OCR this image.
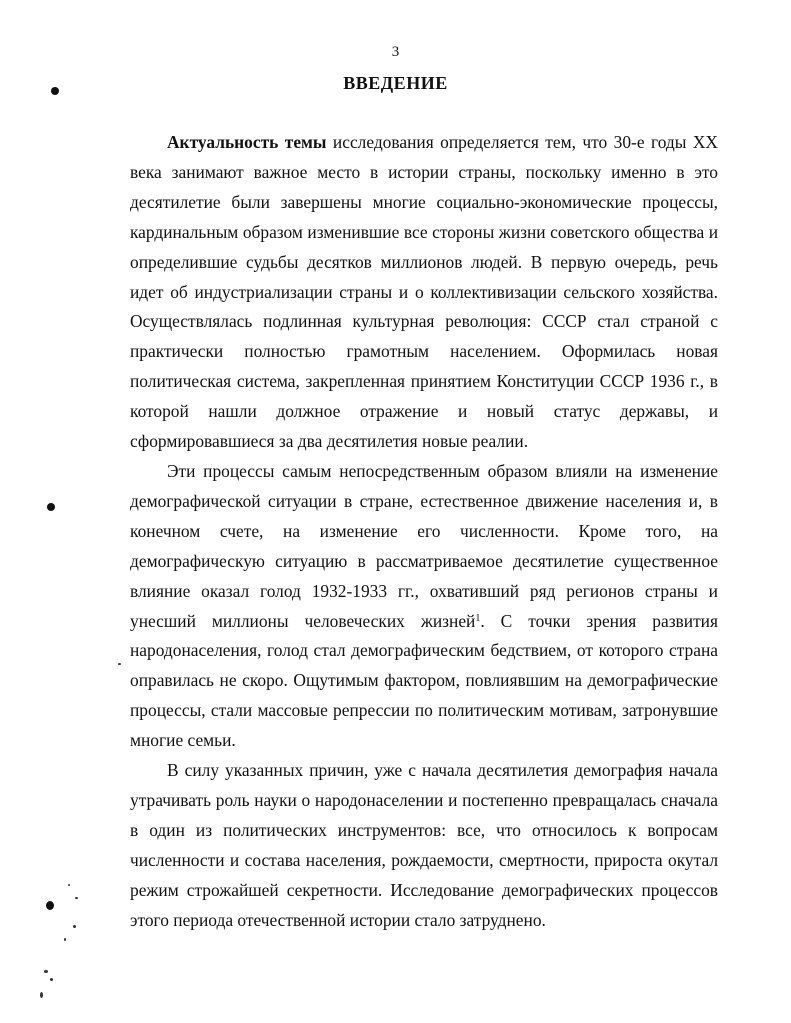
3
ВВЕДЕНИЕ

Актуальность темы исследования определяется тем, что 30-е годы XX века занимают важное место в истории страны, поскольку именно в это десятилетие были завершены многие социально-экономические процессы, кардинальным образом изменившие все стороны жизни советского общества и определившие судьбы десятков миллионов людей. В первую очередь, речь идет об индустриализации страны и о коллективизации сельского хозяйства. Осуществлялась подлинная культурная революция: СССР стал страной с практически полностью грамотным населением. Оформилась новая политическая система, закрепленная принятием Конституции СССР 1936 г., в которой нашли должное отражение и новый статус державы, и сформировавшиеся за два десятилетия новые реалии.

Эти процессы самым непосредственным образом влияли на изменение демографической ситуации в стране, естественное движение населения и, в конечном счете, на изменение его численности. Кроме того, на демографическую ситуацию в рассматриваемое десятилетие существенное влияние оказал голод 1932-1933 гг., охвативший ряд регионов страны и унесший миллионы человеческих жизней$^1$. С точки зрения развития народонаселения, голод стал демографическим бедствием, от которого страна оправилась не скоро. Ощутимым фактором, повлиявшим на демографические процессы, стали массовые репрессии по политическим мотивам, затронувшие многие семьи.

В силу указанных причин, уже с начала десятилетия демография начала утрачивать роль науки о народонаселении и постепенно превращалась сначала в один из политических инструментов: все, что относилось к вопросам численности и состава населения, рождаемости, смертности, прироста окутал режим строжайшей секретности. Исследование демографических процессов этого периода отечественной истории стало затруднено.
